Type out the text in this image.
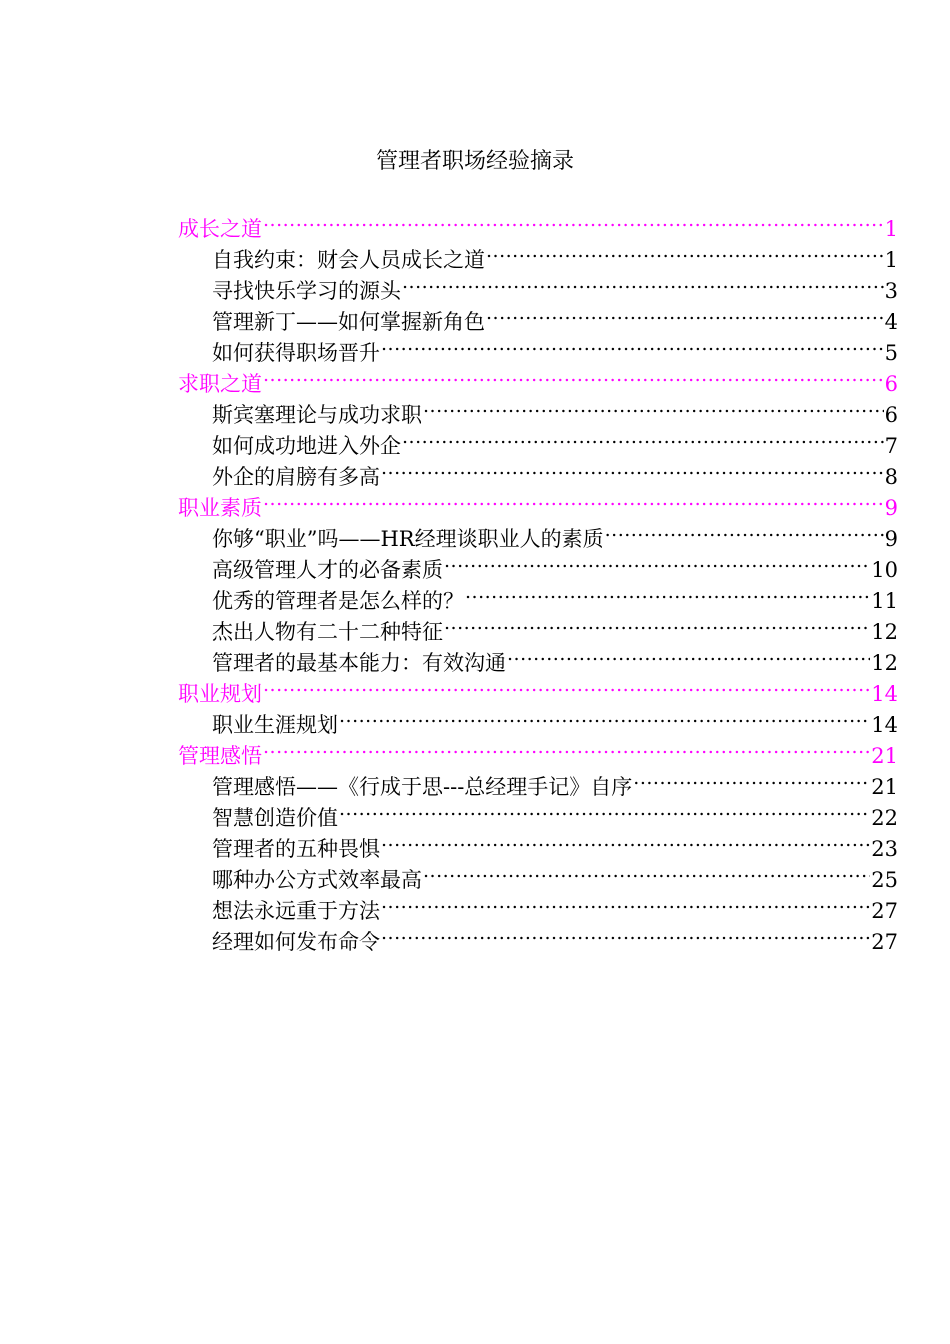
管理者职场经验摘录
成长之道 .....	1
自我约束：财会人员成长之道 .....	1
寻找快乐学习的源头 .....	3
管理新丁——如何掌握新角色 .....	4
如何获得职场晋升 .....	5
求职之道 .....	6
斯宾塞理论与成功求职 .....	6
如何成功地进入外企 .....	7
外企的肩膀有多高 .....	8
职业素质 .....	9
你够“职业”吗——HR经理谈职业人的素质 .....	9
高级管理人才的必备素质 .....	10
优秀的管理者是怎么样的？ .....	11
杰出人物有二十二种特征 .....	12
管理者的最基本能力：有效沟通 .....	12
职业规划 .....	14
职业生涯规划 .....	14
管理感悟 .....	21
管理感悟——《行成于思---总经理手记》自序 .....	21
智慧创造价值 .....	22
管理者的五种畏惧 .....	23
哪种办公方式效率最高 .....	25
想法永远重于方法 .....	27
经理如何发布命令 .....	27
